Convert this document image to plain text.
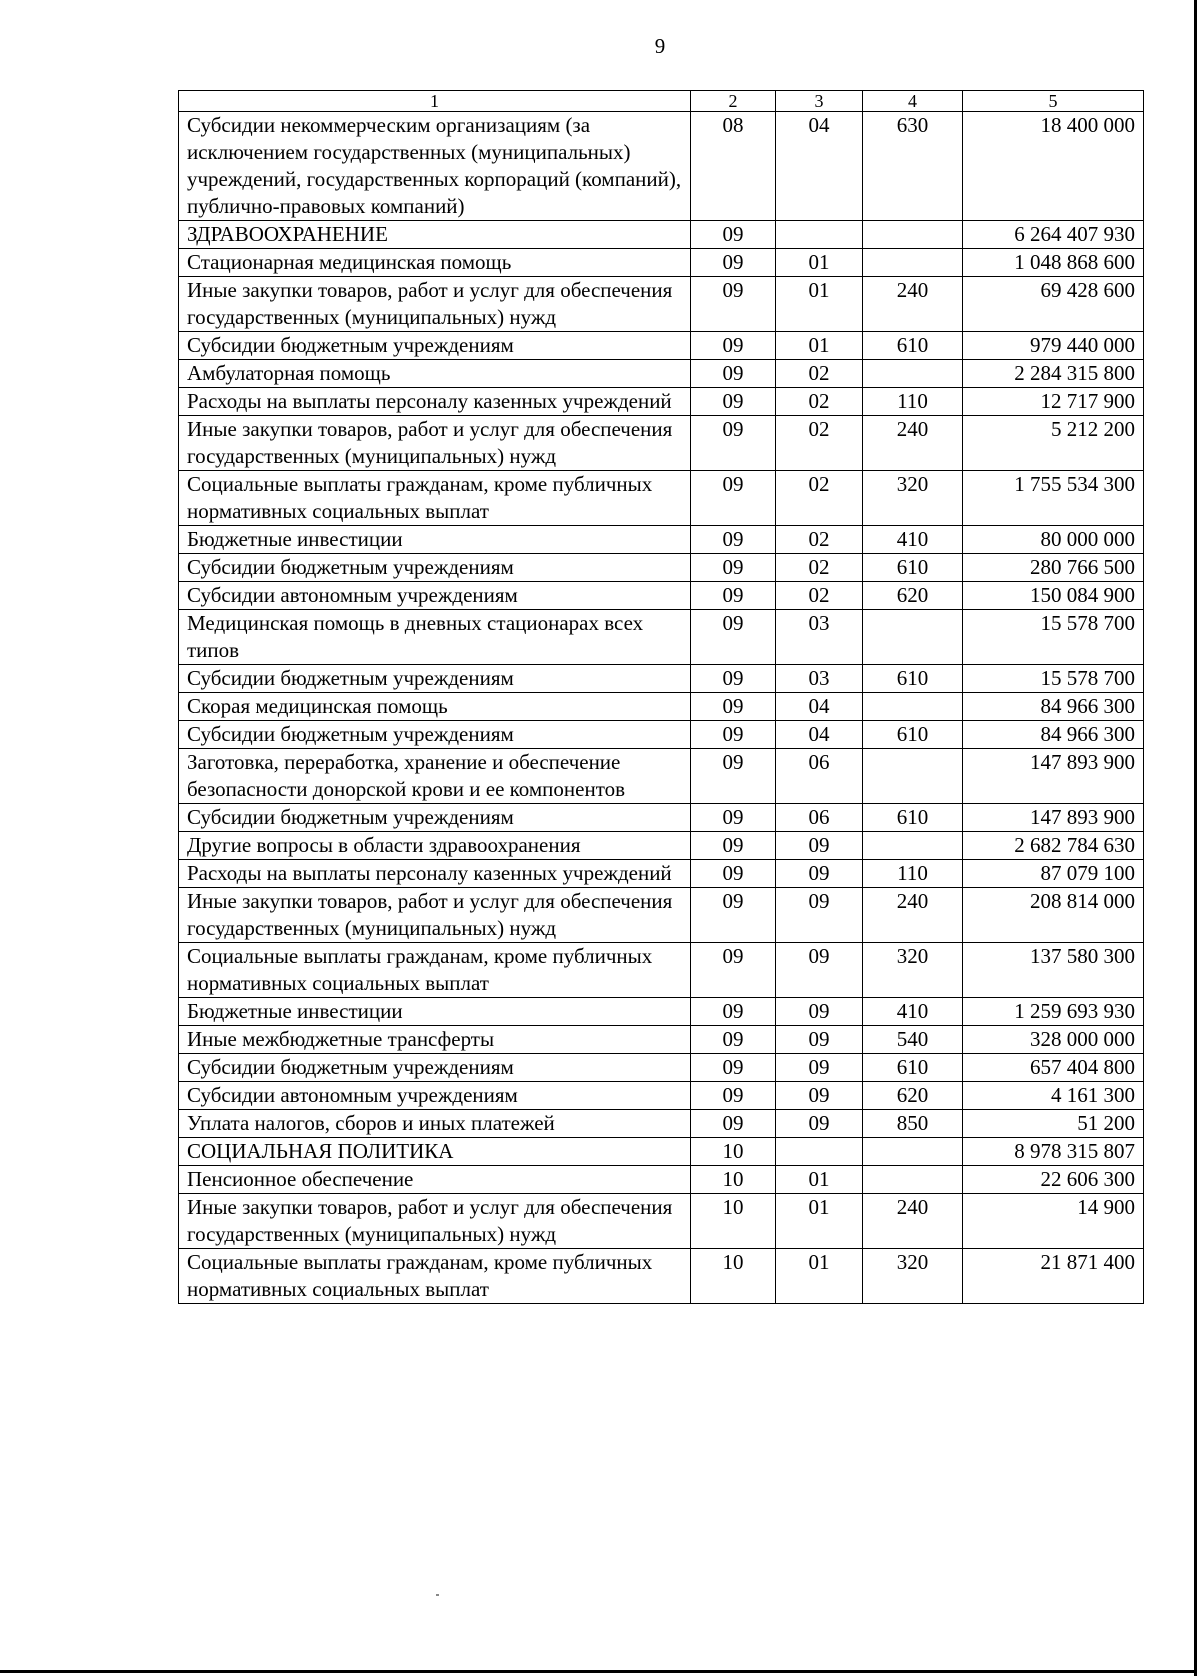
9
1	2	3	4	5
Субсидии некоммерческим организациям (за исключением государственных (муниципальных) учреждений, государственных корпораций (компаний), публично-правовых компаний)	08	04	630	18 400 000
ЗДРАВООХРАНЕНИЕ	09			6 264 407 930
Стационарная медицинская помощь	09	01		1 048 868 600
Иные закупки товаров, работ и услуг для обеспечения государственных (муниципальных) нужд	09	01	240	69 428 600
Субсидии бюджетным учреждениям	09	01	610	979 440 000
Амбулаторная помощь	09	02		2 284 315 800
Расходы на выплаты персоналу казенных учреждений	09	02	110	12 717 900
Иные закупки товаров, работ и услуг для обеспечения государственных (муниципальных) нужд	09	02	240	5 212 200
Социальные выплаты гражданам, кроме публичных нормативных социальных выплат	09	02	320	1 755 534 300
Бюджетные инвестиции	09	02	410	80 000 000
Субсидии бюджетным учреждениям	09	02	610	280 766 500
Субсидии автономным учреждениям	09	02	620	150 084 900
Медицинская помощь в дневных стационарах всех типов	09	03		15 578 700
Субсидии бюджетным учреждениям	09	03	610	15 578 700
Скорая медицинская помощь	09	04		84 966 300
Субсидии бюджетным учреждениям	09	04	610	84 966 300
Заготовка, переработка, хранение и обеспечение безопасности донорской крови и ее компонентов	09	06		147 893 900
Субсидии бюджетным учреждениям	09	06	610	147 893 900
Другие вопросы в области здравоохранения	09	09		2 682 784 630
Расходы на выплаты персоналу казенных учреждений	09	09	110	87 079 100
Иные закупки товаров, работ и услуг для обеспечения государственных (муниципальных) нужд	09	09	240	208 814 000
Социальные выплаты гражданам, кроме публичных нормативных социальных выплат	09	09	320	137 580 300
Бюджетные инвестиции	09	09	410	1 259 693 930
Иные межбюджетные трансферты	09	09	540	328 000 000
Субсидии бюджетным учреждениям	09	09	610	657 404 800
Субсидии автономным учреждениям	09	09	620	4 161 300
Уплата налогов, сборов и иных платежей	09	09	850	51 200
СОЦИАЛЬНАЯ ПОЛИТИКА	10			8 978 315 807
Пенсионное обеспечение	10	01		22 606 300
Иные закупки товаров, работ и услуг для обеспечения государственных (муниципальных) нужд	10	01	240	14 900
Социальные выплаты гражданам, кроме публичных нормативных социальных выплат	10	01	320	21 871 400
